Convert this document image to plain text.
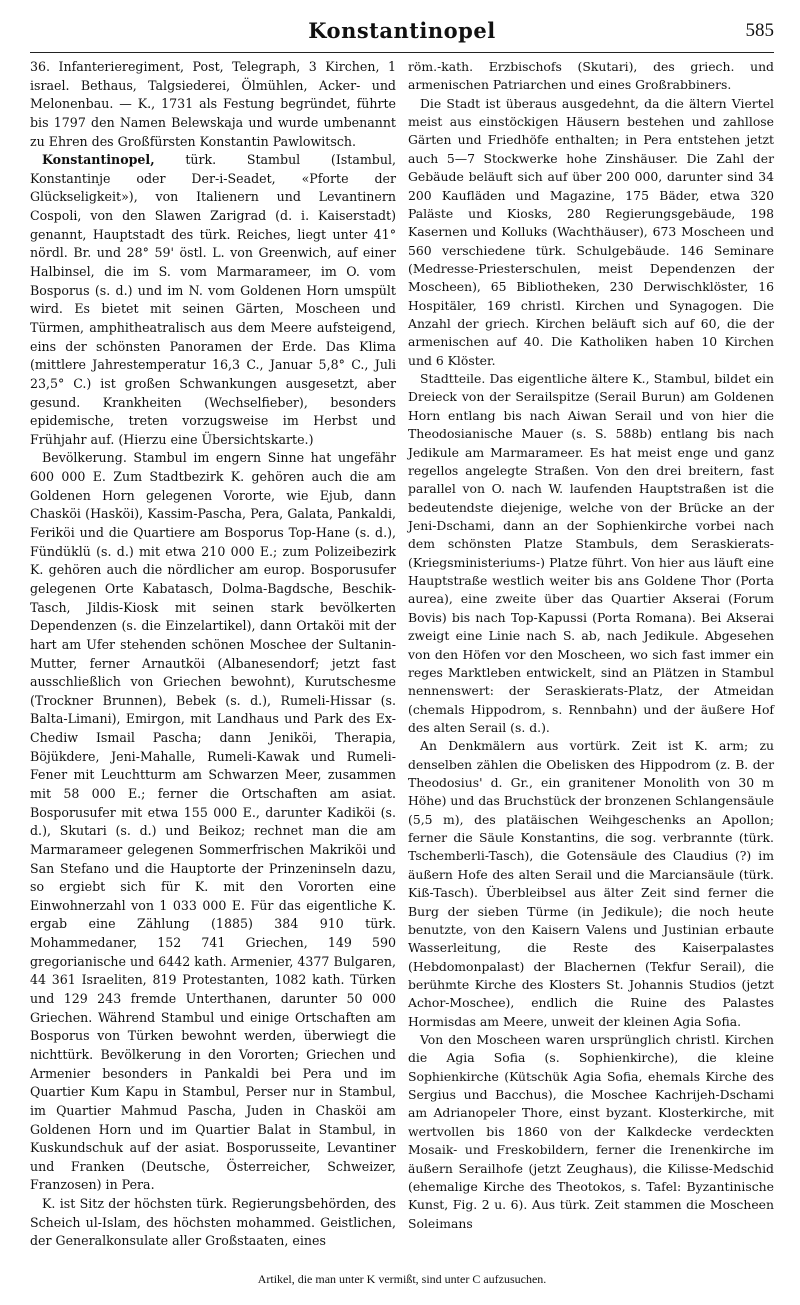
Konstantinopel	585

36. Infanterieregiment, Post, Telegraph, 3 Kirchen, 1 israel. Bethaus, Talgsiederei, Ölmühlen, Acker- und Melonenbau. — K., 1731 als Festung begründet, führte bis 1797 den Namen Belewskaja und wurde umbenannt zu Ehren des Großfürsten Konstantin Pawlowitsch.

Konstantinopel, türk. Stambul (Istambul, Konstantinje oder Der-i-Seadet, «Pforte der Glückseligkeit»), von Italienern und Levantinern Cospoli, von den Slawen Zarigrad (d. i. Kaiserstadt) genannt, Hauptstadt des türk. Reiches, liegt unter 41° nördl. Br. und 28° 59' östl. L. von Greenwich, auf einer Halbinsel, die im S. vom Marmarameer, im O. vom Bosporus (s. d.) und im N. vom Goldenen Horn umspült wird. Es bietet mit seinen Gärten, Moscheen und Türmen, amphitheatralisch aus dem Meere aufsteigend, eins der schönsten Panoramen der Erde. Das Klima (mittlere Jahrestemperatur 16,3 C., Januar 5,8° C., Juli 23,5° C.) ist großen Schwankungen ausgesetzt, aber gesund. Krankheiten (Wechselfieber), besonders epidemische, treten vorzugsweise im Herbst und Frühjahr auf. (Hierzu eine Übersichtskarte.)

Bevölkerung. Stambul im engern Sinne hat ungefähr 600 000 E. Zum Stadtbezirk K. gehören auch die am Goldenen Horn gelegenen Vororte, wie Ejub, dann Chasköi (Hasköi), Kassim-Pascha, Pera, Galata, Pankaldi, Feriköi und die Quartiere am Bosporus Top-Hane (s. d.), Fündüklü (s. d.) mit etwa 210 000 E.; zum Polizeibezirk K. gehören auch die nördlicher am europ. Bosporusufer gelegenen Orte Kabatasch, Dolma-Bagdsche, Beschik-Tasch, Jildis-Kiosk mit seinen stark bevölkerten Dependenzen (s. die Einzelartikel), dann Ortaköi mit der hart am Ufer stehenden schönen Moschee der Sultanin-Mutter, ferner Arnautköi (Albanesendorf; jetzt fast ausschließlich von Griechen bewohnt), Kurutschesme (Trockner Brunnen), Bebek (s. d.), Rumeli-Hissar (s. Balta-Limani), Emirgon, mit Landhaus und Park des Ex-Chediw Ismail Pascha; dann Jeniköi, Therapia, Böjükdere, Jeni-Mahalle, Rumeli-Kawak und Rumeli-Fener mit Leuchtturm am Schwarzen Meer, zusammen mit 58 000 E.; ferner die Ortschaften am asiat. Bosporusufer mit etwa 155 000 E., darunter Kadiköi (s. d.), Skutari (s. d.) und Beikoz; rechnet man die am Marmarameer gelegenen Sommerfrischen Makriköi und San Stefano und die Hauptorte der Prinzeninseln dazu, so ergiebt sich für K. mit den Vororten eine Einwohnerzahl von 1 033 000 E. Für das eigentliche K. ergab eine Zählung (1885) 384 910 türk. Mohammedaner, 152 741 Griechen, 149 590 gregorianische und 6442 kath. Armenier, 4377 Bulgaren, 44 361 Israeliten, 819 Protestanten, 1082 kath. Türken und 129 243 fremde Unterthanen, darunter 50 000 Griechen. Während Stambul und einige Ortschaften am Bosporus von Türken bewohnt werden, überwiegt die nichttürk. Bevölkerung in den Vororten; Griechen und Armenier besonders in Pankaldi bei Pera und im Quartier Kum Kapu in Stambul, Perser nur in Stambul, im Quartier Mahmud Pascha, Juden in Chasköi am Goldenen Horn und im Quartier Balat in Stambul, in Kuskundschuk auf der asiat. Bosporusseite, Levantiner und Franken (Deutsche, Österreicher, Schweizer, Franzosen) in Pera.

K. ist Sitz der höchsten türk. Regierungsbehörden, des Scheich ul-Islam, des höchsten mohammed. Geistlichen, der Generalkonsulate aller Großstaaten, eines

röm.-kath. Erzbischofs (Skutari), des griech. und armenischen Patriarchen und eines Großrabbiners.

Die Stadt ist überaus ausgedehnt, da die ältern Viertel meist aus einstöckigen Häusern bestehen und zahllose Gärten und Friedhöfe enthalten; in Pera entstehen jetzt auch 5—7 Stockwerke hohe Zinshäuser. Die Zahl der Gebäude beläuft sich auf über 200 000, darunter sind 34 200 Kaufläden und Magazine, 175 Bäder, etwa 320 Paläste und Kiosks, 280 Regierungsgebäude, 198 Kasernen und Kolluks (Wachthäuser), 673 Moscheen und 560 verschiedene türk. Schulgebäude. 146 Seminare (Medresse-Priesterschulen, meist Dependenzen der Moscheen), 65 Bibliotheken, 230 Derwischklöster, 16 Hospitäler, 169 christl. Kirchen und Synagogen. Die Anzahl der griech. Kirchen beläuft sich auf 60, die der armenischen auf 40. Die Katholiken haben 10 Kirchen und 6 Klöster.

Stadtteile. Das eigentliche ältere K., Stambul, bildet ein Dreieck von der Serailspitze (Serail Burun) am Goldenen Horn entlang bis nach Aiwan Serail und von hier die Theodosianische Mauer (s. S. 588b) entlang bis nach Jedikule am Marmarameer. Es hat meist enge und ganz regellos angelegte Straßen. Von den drei breitern, fast parallel von O. nach W. laufenden Hauptstraßen ist die bedeutendste diejenige, welche von der Brücke an der Jeni-Dschami, dann an der Sophienkirche vorbei nach dem schönsten Platze Stambuls, dem Seraskierats- (Kriegsministeriums-) Platze führt. Von hier aus läuft eine Hauptstraße westlich weiter bis ans Goldene Thor (Porta aurea), eine zweite über das Quartier Akserai (Forum Bovis) bis nach Top-Kapussi (Porta Romana). Bei Akserai zweigt eine Linie nach S. ab, nach Jedikule. Abgesehen von den Höfen vor den Moscheen, wo sich fast immer ein reges Marktleben entwickelt, sind an Plätzen in Stambul nennenswert: der Seraskierats-Platz, der Atmeidan (chemals Hippodrom, s. Rennbahn) und der äußere Hof des alten Serail (s. d.).

An Denkmälern aus vortürk. Zeit ist K. arm; zu denselben zählen die Obelisken des Hippodrom (z. B. der Theodosius' d. Gr., ein granitener Monolith von 30 m Höhe) und das Bruchstück der bronzenen Schlangensäule (5,5 m), des platäischen Weihgeschenks an Apollon; ferner die Säule Konstantins, die sog. verbrannte (türk. Tschemberli-Tasch), die Gotensäule des Claudius (?) im äußern Hofe des alten Serail und die Marciansäule (türk. Kiß-Tasch). Überbleibsel aus älter Zeit sind ferner die Burg der sieben Türme (in Jedikule); die noch heute benutzte, von den Kaisern Valens und Justinian erbaute Wasserleitung, die Reste des Kaiserpalastes (Hebdomonpalast) der Blachernen (Tekfur Serail), die berühmte Kirche des Klosters St. Johannis Studios (jetzt Achor-Moschee), endlich die Ruine des Palastes Hormisdas am Meere, unweit der kleinen Agia Sofia.

Von den Moscheen waren ursprünglich christl. Kirchen die Agia Sofia (s. Sophienkirche), die kleine Sophienkirche (Kütschük Agia Sofia, ehemals Kirche des Sergius und Bacchus), die Moschee Kachrijeh-Dschami am Adrianopeler Thore, einst byzant. Klosterkirche, mit wertvollen bis 1860 von der Kalkdecke verdeckten Mosaik- und Freskobildern, ferner die Irenenkirche im äußern Serailhofe (jetzt Zeughaus), die Kilisse-Medschid (ehemalige Kirche des Theotokos, s. Tafel: Byzantinische Kunst, Fig. 2 u. 6). Aus türk. Zeit stammen die Moscheen Soleimans

Artikel, die man unter K vermißt, sind unter C aufzusuchen.
